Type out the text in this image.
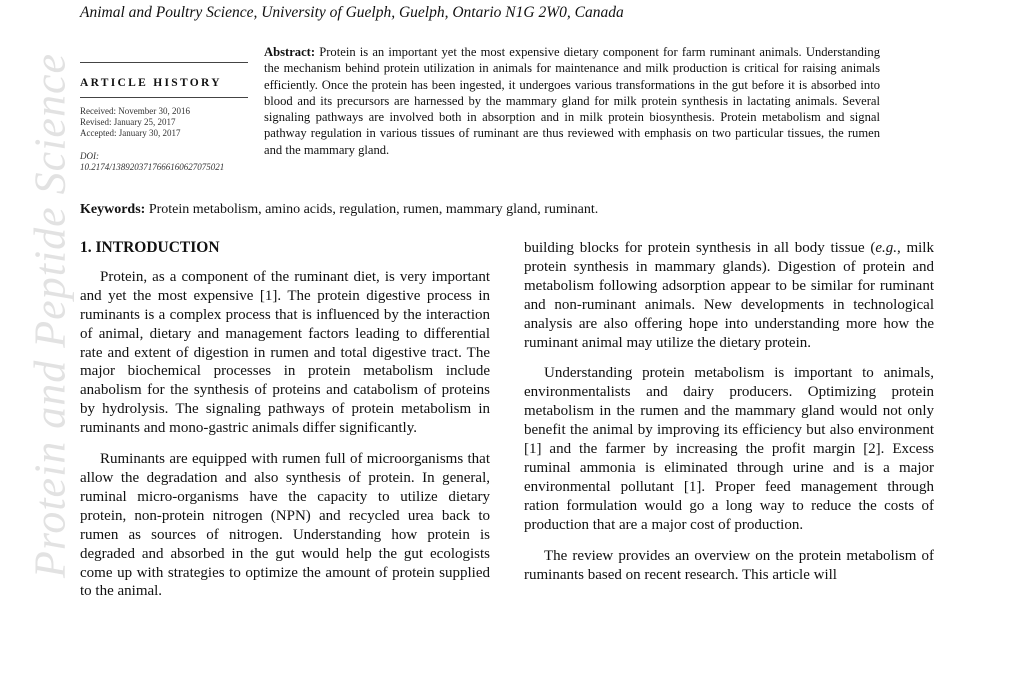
Protein and Peptide Science
Animal and Poultry Science, University of Guelph, Guelph, Ontario N1G 2W0, Canada
ARTICLE HISTORY
Received: November 30, 2016
Revised: January 25, 2017
Accepted: January 30, 2017
DOI:
10.2174/1389203717666160627075021
Abstract: Protein is an important yet the most expensive dietary component for farm ruminant animals. Understanding the mechanism behind protein utilization in animals for maintenance and milk production is critical for raising animals efficiently. Once the protein has been ingested, it undergoes various transformations in the gut before it is absorbed into blood and its precursors are harnessed by the mammary gland for milk protein synthesis in lactating animals. Several signaling pathways are involved both in absorption and in milk protein biosynthesis. Protein metabolism and signal pathway regulation in various tissues of ruminant are thus reviewed with emphasis on two particular tissues, the rumen and the mammary gland.
Keywords: Protein metabolism, amino acids, regulation, rumen, mammary gland, ruminant.
1. INTRODUCTION

Protein, as a component of the ruminant diet, is very important and yet the most expensive [1]. The protein digestive process in ruminants is a complex process that is influenced by the interaction of animal, dietary and management factors leading to differential rate and extent of digestion in rumen and total digestive tract. The major biochemical processes in protein metabolism include anabolism for the synthesis of proteins and catabolism of proteins by hydrolysis. The signaling pathways of protein metabolism in ruminants and mono-gastric animals differ significantly.

Ruminants are equipped with rumen full of microorganisms that allow the degradation and also synthesis of protein. In general, ruminal micro-organisms have the capacity to utilize dietary protein, non-protein nitrogen (NPN) and recycled urea back to rumen as sources of nitrogen. Understanding how protein is degraded and absorbed in the gut would help the gut ecologists come up with strategies to optimize the amount of protein supplied to the animal.

building blocks for protein synthesis in all body tissue (e.g., milk protein synthesis in mammary glands). Digestion of protein and metabolism following adsorption appear to be similar for ruminant and non-ruminant animals. New developments in technological analysis are also offering hope into understanding more how the ruminant animal may utilize the dietary protein.

Understanding protein metabolism is important to animals, environmentalists and dairy producers. Optimizing protein metabolism in the rumen and the mammary gland would not only benefit the animal by improving its efficiency but also environment [1] and the farmer by increasing the profit margin [2]. Excess ruminal ammonia is eliminated through urine and is a major environmental pollutant [1]. Proper feed management through ration formulation would go a long way to reduce the costs of production that are a major cost of production.

The review provides an overview on the protein metabolism of ruminants based on recent research. This article will
